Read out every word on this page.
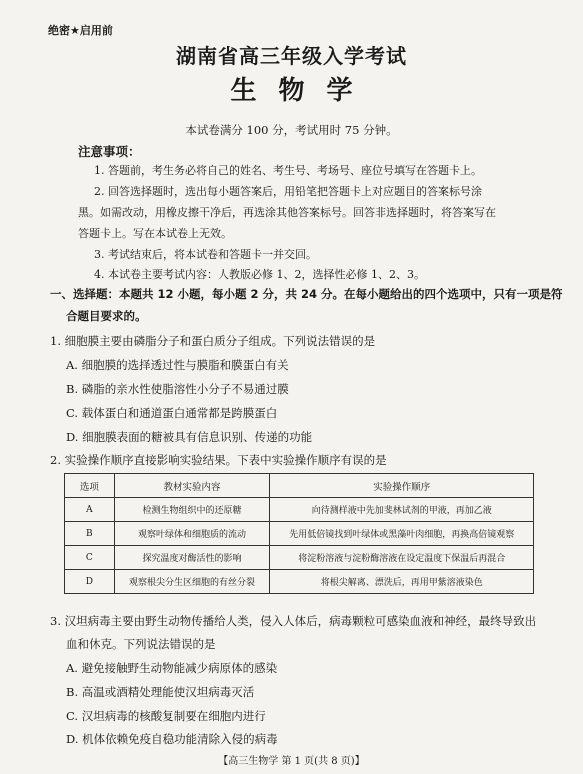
绝密★启用前
湖南省高三年级入学考试
生物学
本试卷满分 100 分，考试用时 75 分钟。
注意事项：
1. 答题前，考生务必将自己的姓名、考生号、考场号、座位号填写在答题卡上。
2. 回答选择题时，选出每小题答案后，用铅笔把答题卡上对应题目的答案标号涂
黑。如需改动，用橡皮擦干净后，再选涂其他答案标号。回答非选择题时，将答案写在
答题卡上。写在本试卷上无效。
3. 考试结束后，将本试卷和答题卡一并交回。
4. 本试卷主要考试内容：人教版必修 1、2，选择性必修 1、2、3。
一、选择题：本题共 12 小题，每小题 2 分，共 24 分。在每小题给出的四个选项中，只有一项是符
合题目要求的。
1. 细胞膜主要由磷脂分子和蛋白质分子组成。下列说法错误的是
A. 细胞膜的选择透过性与膜脂和膜蛋白有关
B. 磷脂的亲水性使脂溶性小分子不易通过膜
C. 载体蛋白和通道蛋白通常都是跨膜蛋白
D. 细胞膜表面的糖被具有信息识别、传递的功能
2. 实验操作顺序直接影响实验结果。下表中实验操作顺序有误的是
选项	教材实验内容	实验操作顺序
A	检测生物组织中的还原糖	向待测样液中先加斐林试剂的甲液，再加乙液
B	观察叶绿体和细胞质的流动	先用低倍镜找到叶绿体或黑藻叶肉细胞，再换高倍镜观察
C	探究温度对酶活性的影响	将淀粉溶液与淀粉酶溶液在设定温度下保温后再混合
D	观察根尖分生区细胞的有丝分裂	将根尖解离、漂洗后，再用甲紫溶液染色
3. 汉坦病毒主要由野生动物传播给人类，侵入人体后，病毒颗粒可感染血液和神经，最终导致出
血和休克。下列说法错误的是
A. 避免接触野生动物能减少病原体的感染
B. 高温或酒精处理能使汉坦病毒灭活
C. 汉坦病毒的核酸复制要在细胞内进行
D. 机体依赖免疫自稳功能清除入侵的病毒
【高三生物学 第 1 页(共 8 页)】
